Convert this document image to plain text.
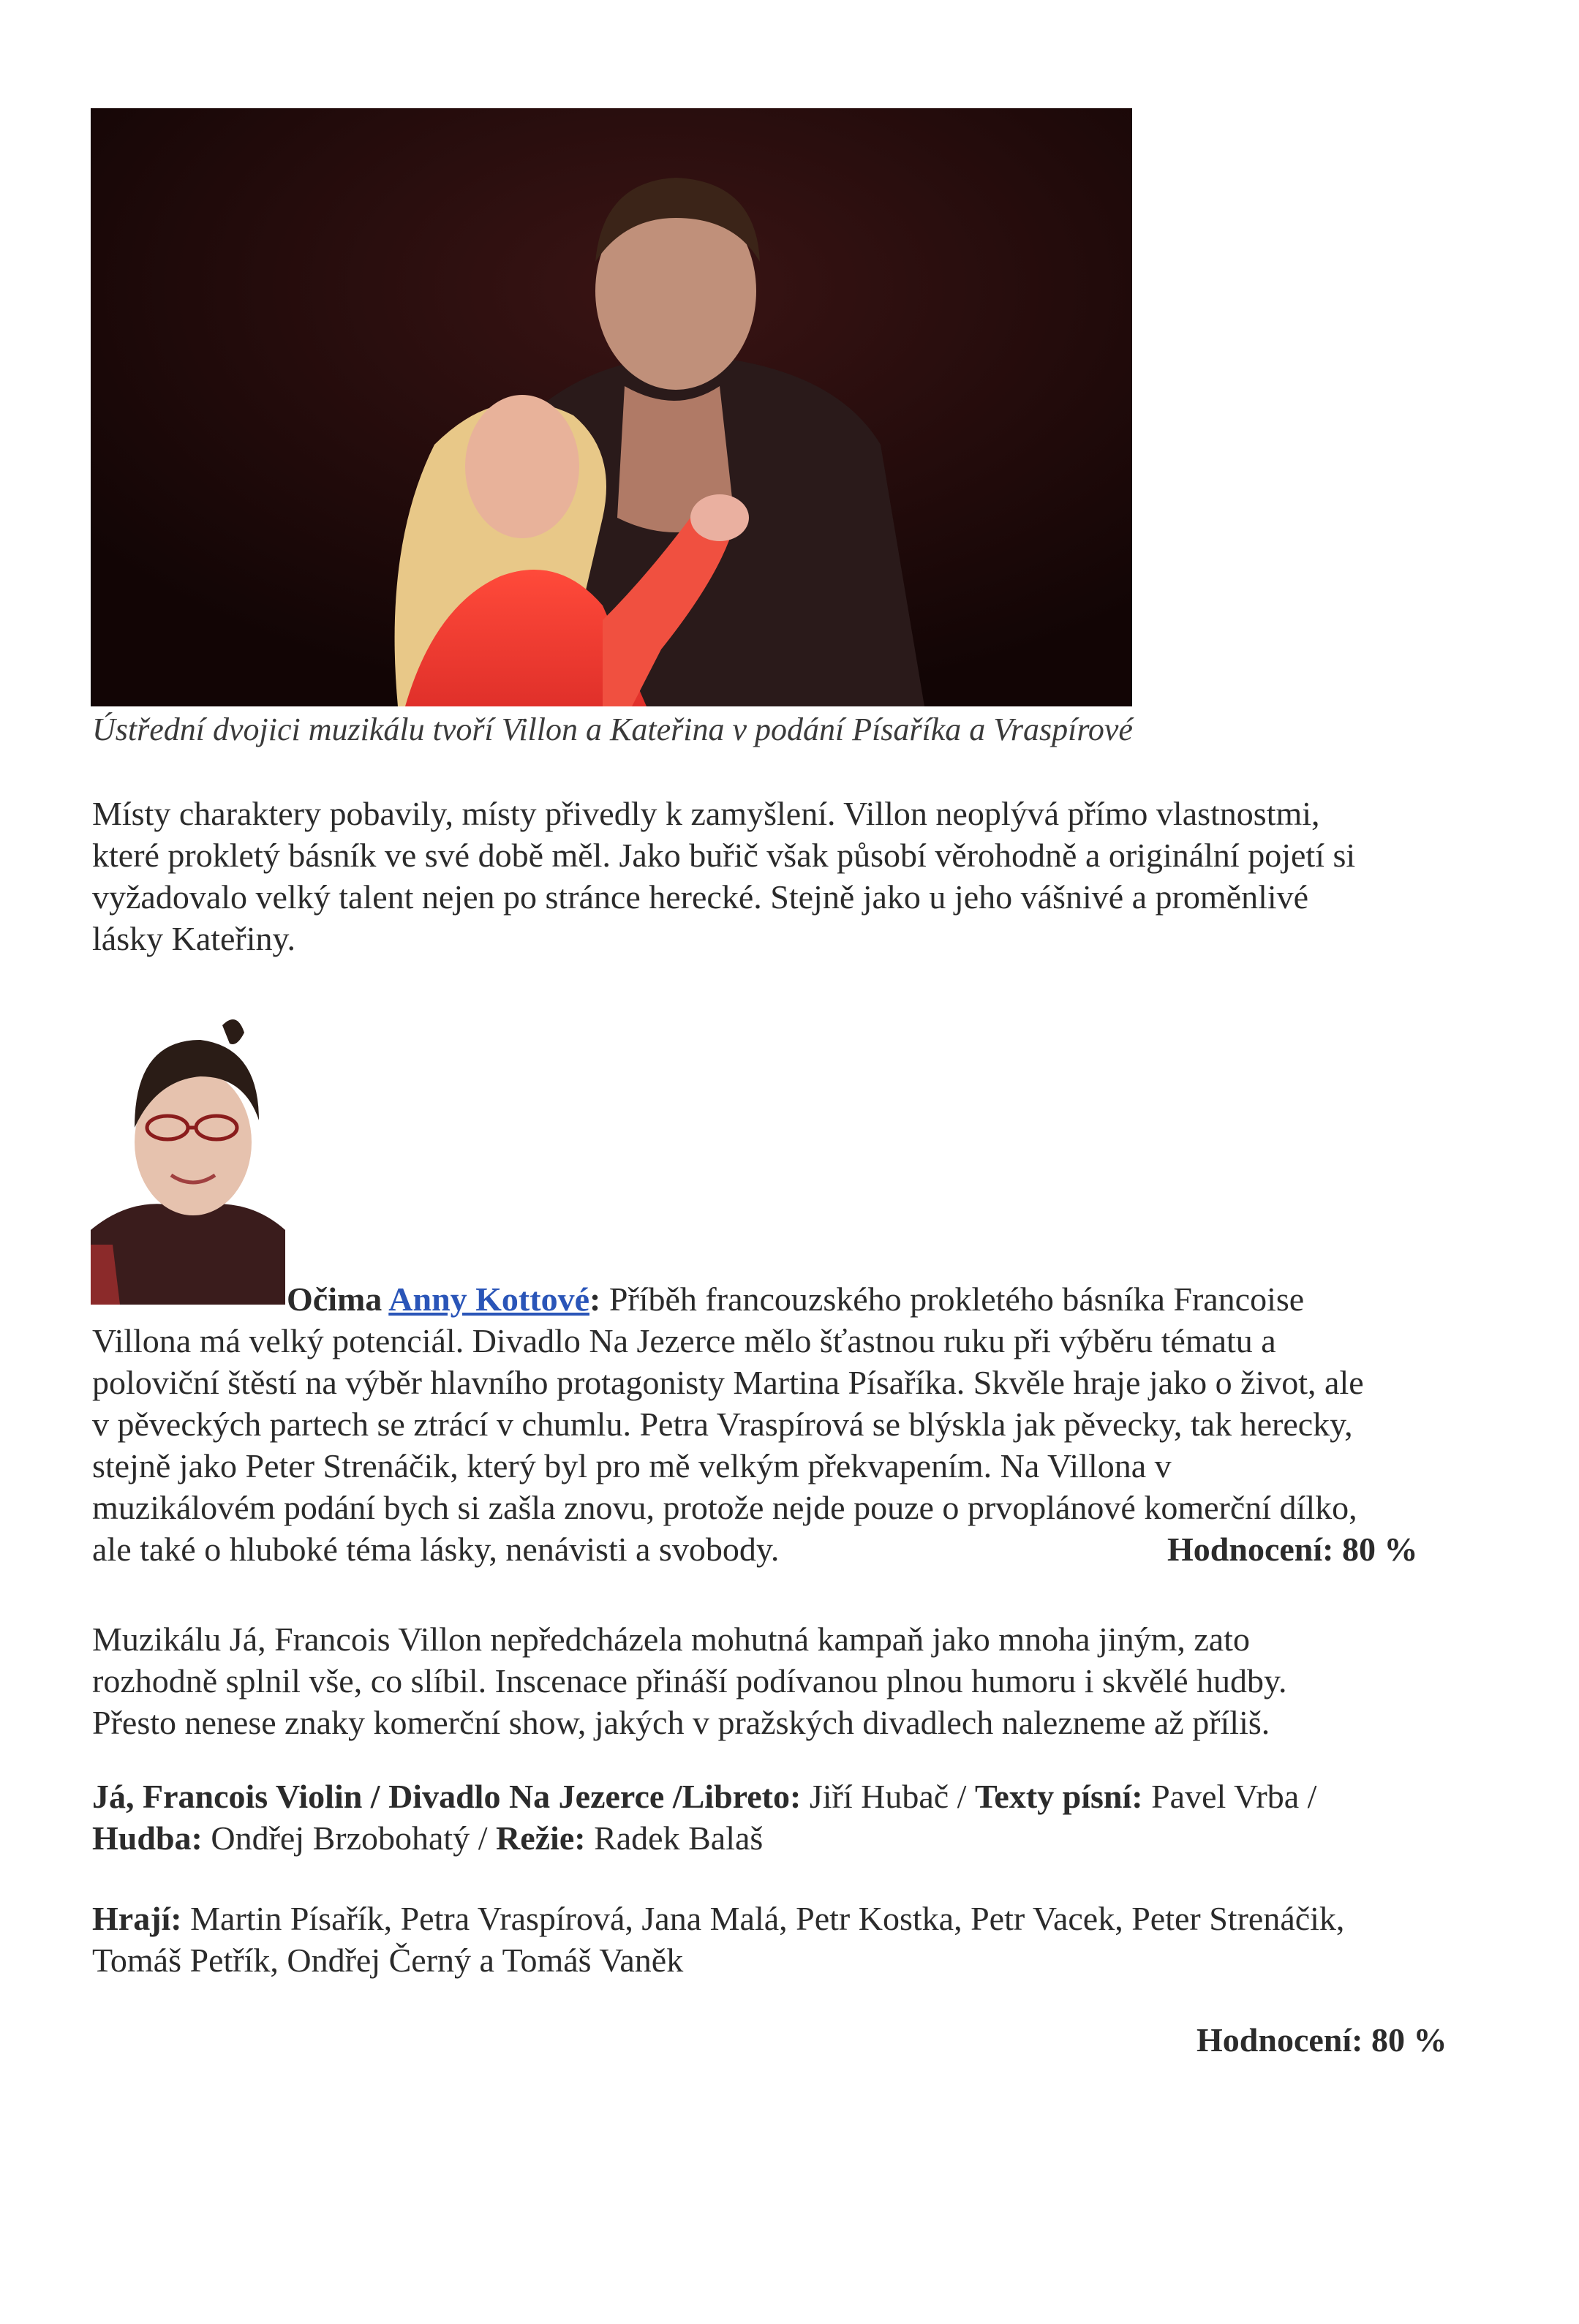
Ústřední dvojici muzikálu tvoří Villon a Kateřina v podání Písaříka a Vraspírové
Místy charaktery pobavily, místy přivedly k zamyšlení. Villon neoplývá přímo vlastnostmi,
které prokletý básník ve své době měl. Jako buřič však působí věrohodně a originální pojetí si
vyžadovalo velký talent nejen po stránce herecké. Stejně jako u jeho vášnivé a proměnlivé
lásky Kateřiny.
Očima Anny Kottové: Příběh francouzského prokletého básníka Francoise
Villona má velký potenciál. Divadlo Na Jezerce mělo šťastnou ruku při výběru tématu a
poloviční štěstí na výběr hlavního protagonisty Martina Písaříka. Skvěle hraje jako o život, ale
v pěveckých partech se ztrácí v chumlu. Petra Vraspírová se blýskla jak pěvecky, tak herecky,
stejně jako Peter Strenáčik, který byl pro mě velkým překvapením. Na Villona v
muzikálovém podání bych si zašla znovu, protože nejde pouze o prvoplánové komerční dílko,
ale také o hluboké téma lásky, nenávisti a svobody.	Hodnocení: 80 %
Muzikálu Já, Francois Villon nepředcházela mohutná kampaň jako mnoha jiným, zato
rozhodně splnil vše, co slíbil. Inscenace přináší podívanou plnou humoru i skvělé hudby.
Přesto nenese znaky komerční show, jakých v pražských divadlech nalezneme až příliš.
Já, Francois Violin / Divadlo Na Jezerce /Libreto: Jiří Hubač / Texty písní: Pavel Vrba /
Hudba: Ondřej Brzobohatý / Režie: Radek Balaš
Hrají: Martin Písařík, Petra Vraspírová, Jana Malá, Petr Kostka, Petr Vacek, Peter Strenáčik,
Tomáš Petřík, Ondřej Černý a Tomáš Vaněk
Hodnocení: 80 %
